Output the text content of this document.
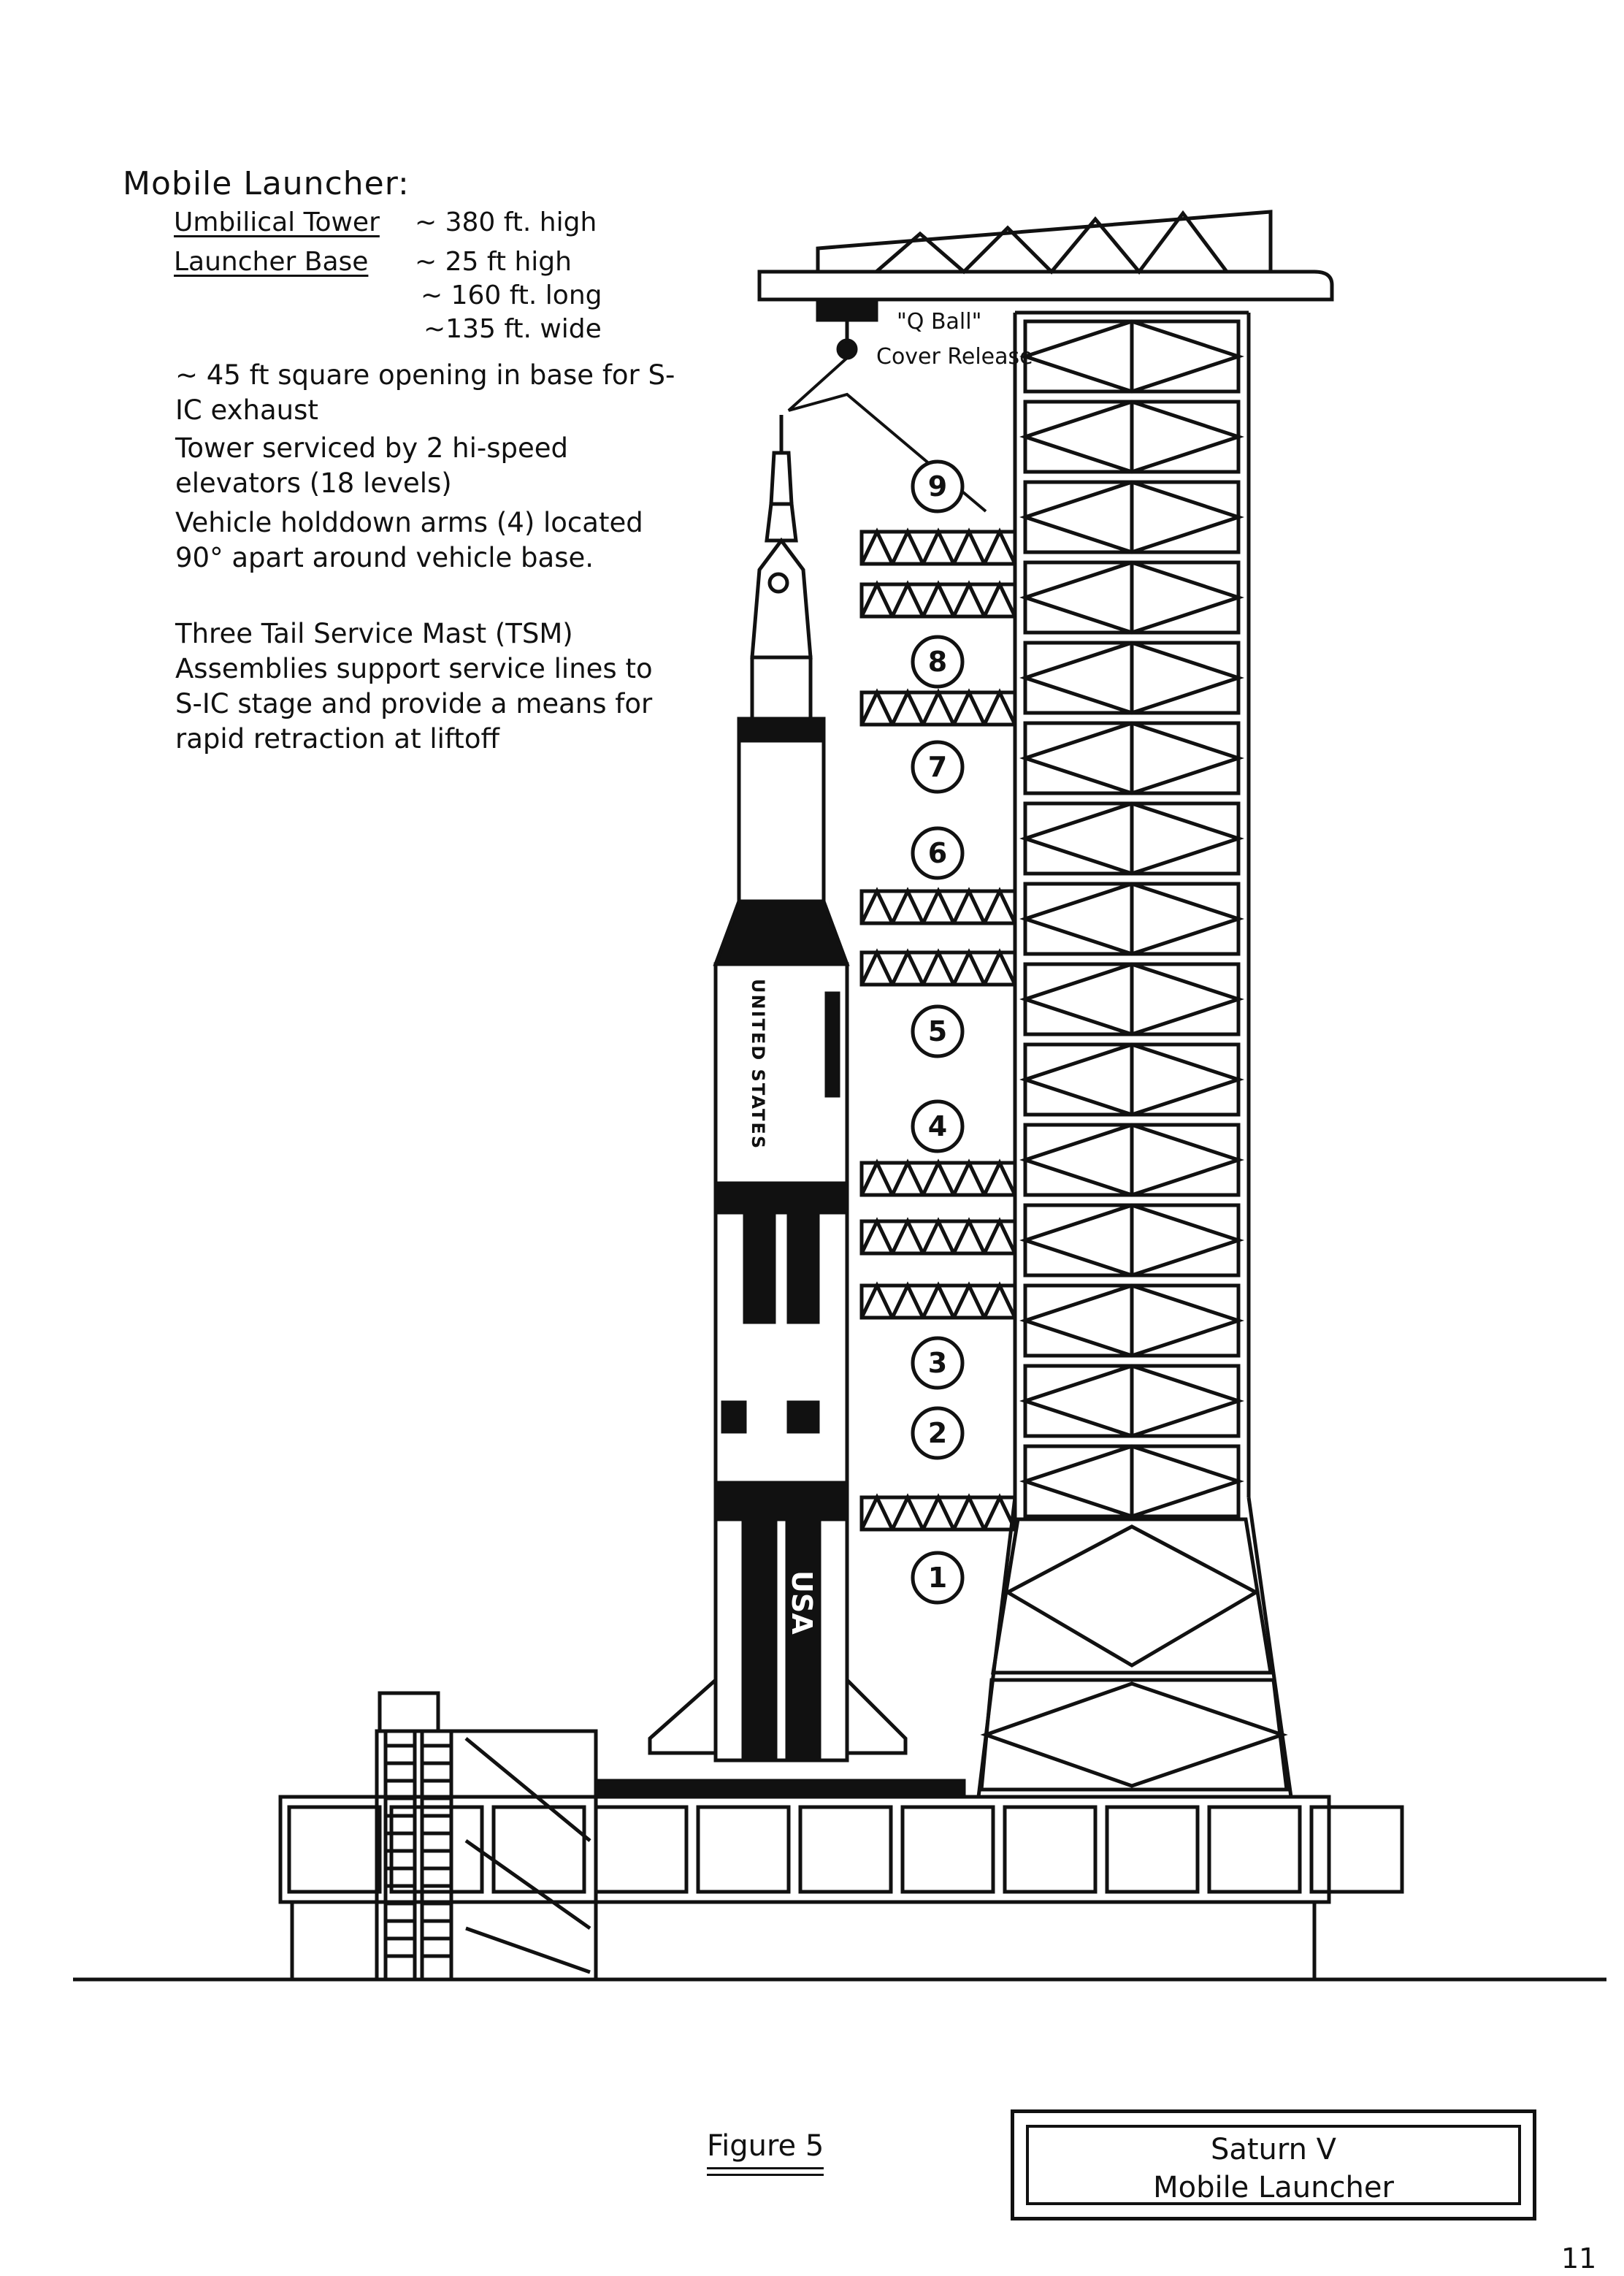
Mobile Launcher:
Umbilical Tower ~ 380 ft. high
Launcher Base ~ 25 ft high
~ 160 ft. long
~135 ft. wide
~ 45 ft square opening in base for S-IC exhaust
Tower serviced by 2 hi-speed elevators (18 levels)
Vehicle holddown arms (4) located 90° apart around vehicle base.
Three Tail Service Mast (TSM) Assemblies support service lines to S-IC stage and provide a means for rapid retraction at liftoff
"Q Ball"
Cover Release
UNITED STATES
USA
9
8
7
6
5
4
3
2
1
Figure 5	Saturn V
Mobile Launcher
11
